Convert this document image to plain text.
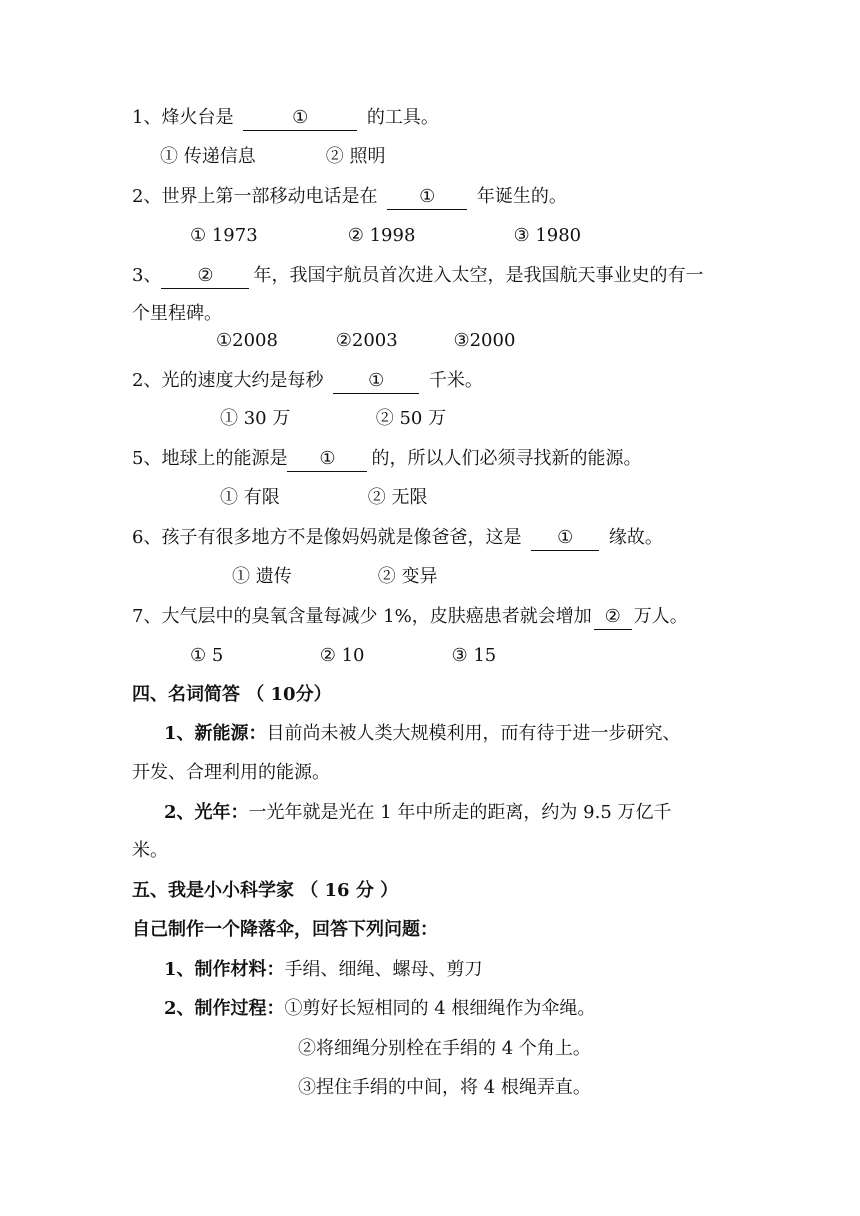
1、烽火台是	①	的工具。
① 传递信息	② 照明
2、世界上第一部移动电话是在 ① 年诞生的。
① 1973	② 1998	③ 1980
3、 ② 年，我国宇航员首次进入太空，是我国航天事业史的有一
个里程碑。
①2008	②2003	③2000
2、光的速度大约是每秒 ① 千米。
① 30 万	② 50 万
5、地球上的能源是 ① 的，所以人们必须寻找新的能源。
① 有限	② 无限
6、孩子有很多地方不是像妈妈就是像爸爸，这是 ① 缘故。
① 遗传	② 变异
7、大气层中的臭氧含量每减少 1%，皮肤癌患者就会增加 ② 万人。
① 5	② 10	③ 15
四、名词简答 （ 10分）
1、新能源：目前尚未被人类大规模利用，而有待于进一步研究、
开发、合理利用的能源。
2、光年：一光年就是光在 1 年中所走的距离，约为 9.5 万亿千
米。
五、我是小小科学家 （ 16 分 ）
自己制作一个降落伞，回答下列问题：
1、制作材料：手绢、细绳、螺母、剪刀
2、制作过程：①剪好长短相同的 4 根细绳作为伞绳。
②将细绳分别栓在手绢的 4 个角上。
③捏住手绢的中间，将 4 根绳弄直。
